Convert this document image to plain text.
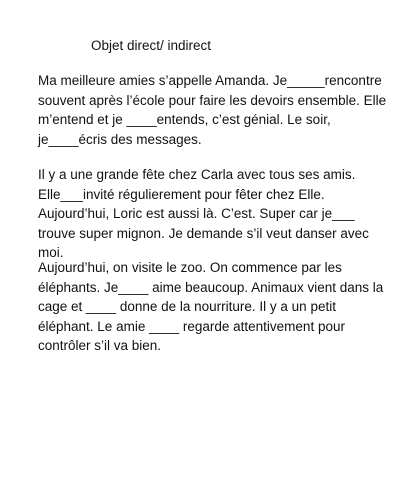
Objet direct/ indirect

Ma meilleure amies s’appelle Amanda. Je_____rencontre
souvent après l’école pour faire les devoirs ensemble. Elle
m’entend et je ____entends, c’est génial. Le soir,
je____écris des messages.

Il y a une grande fête chez Carla avec tous ses amis.
Elle___invité régulierement pour fêter chez Elle.
Aujourd’hui, Loric est aussi là. C’est. Super car je___
trouve super mignon. Je demande s’il veut danser avec
moi.

Aujourd’hui, on visite le zoo. On commence par les
éléphants. Je____ aime beaucoup. Animaux vient dans la
cage et ____ donne de la nourriture. Il y a un petit
éléphant. Le amie ____ regarde attentivement pour
contrôler s’il va bien.
